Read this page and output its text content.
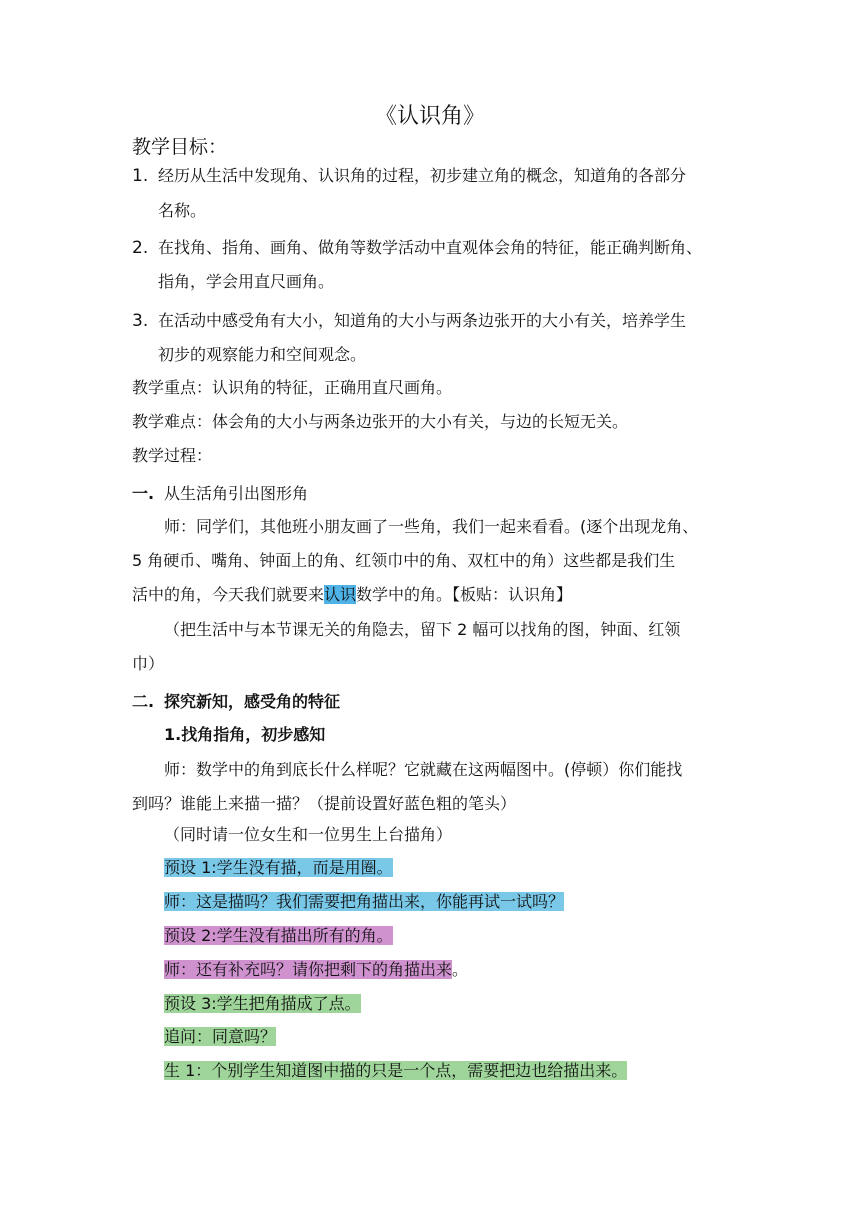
《认识角》
教学目标：
1. 经历从生活中发现角、认识角的过程，初步建立角的概念，知道角的各部分
名称。
2. 在找角、指角、画角、做角等数学活动中直观体会角的特征，能正确判断角、
指角，学会用直尺画角。
3. 在活动中感受角有大小，知道角的大小与两条边张开的大小有关，培养学生
初步的观察能力和空间观念。
教学重点：认识角的特征，正确用直尺画角。
教学难点：体会角的大小与两条边张开的大小有关，与边的长短无关。
教学过程：
一. 从生活角引出图形角
师：同学们，其他班小朋友画了一些角，我们一起来看看。(逐个出现龙角、
5 角硬币、嘴角、钟面上的角、红领巾中的角、双杠中的角）这些都是我们生
活中的角，今天我们就要来认识数学中的角。【板贴：认识角】
（把生活中与本节课无关的角隐去，留下 2 幅可以找角的图，钟面、红领
巾）
二. 探究新知，感受角的特征
1.找角指角，初步感知
师：数学中的角到底长什么样呢？它就藏在这两幅图中。(停顿）你们能找
到吗？谁能上来描一描？（提前设置好蓝色粗的笔头）
（同时请一位女生和一位男生上台描角）
预设 1:学生没有描，而是用圈。
师：这是描吗？我们需要把角描出来，你能再试一试吗？
预设 2:学生没有描出所有的角。
师：还有补充吗？请你把剩下的角描出来。
预设 3:学生把角描成了点。
追问：同意吗？
生 1：个别学生知道图中描的只是一个点，需要把边也给描出来。
